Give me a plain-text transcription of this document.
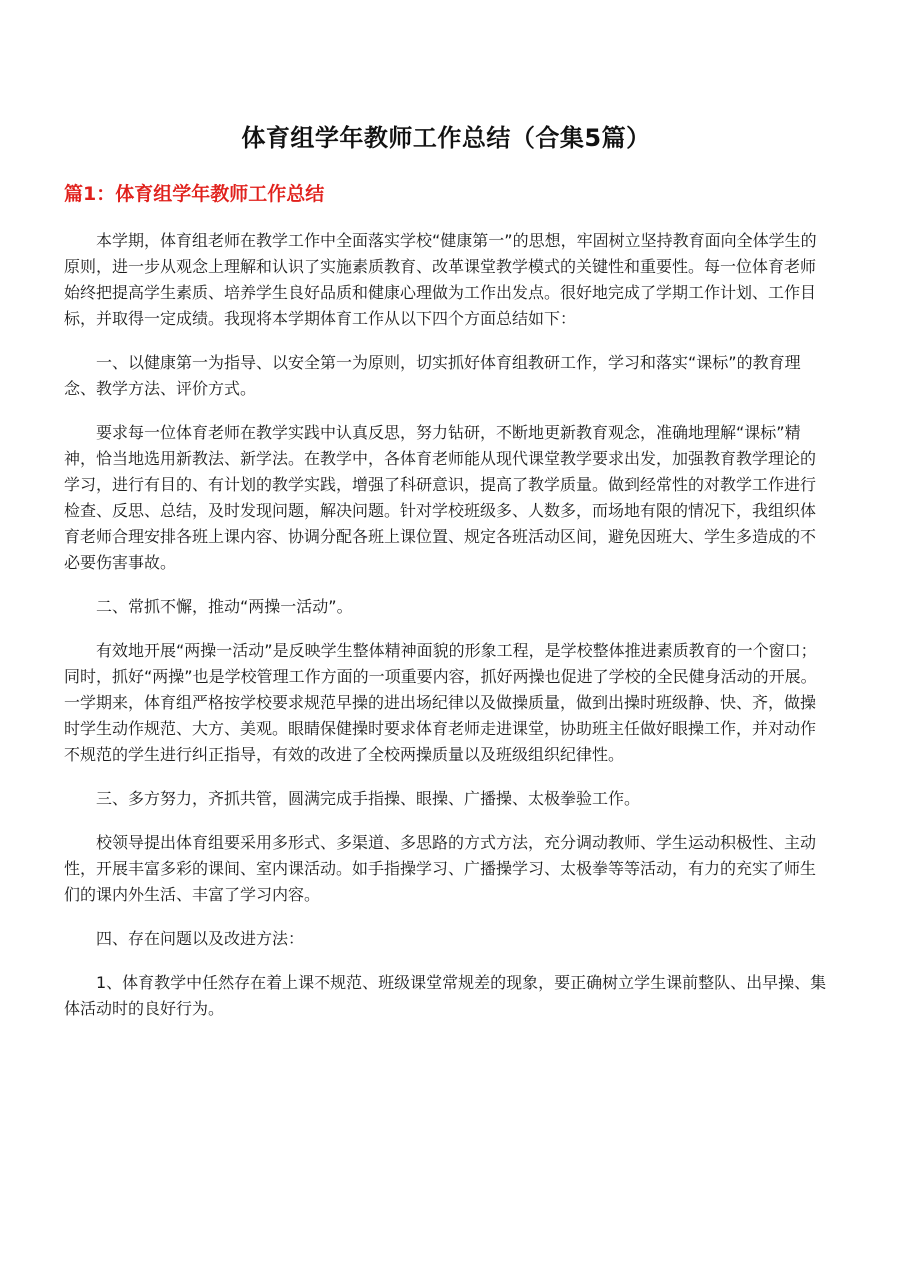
体育组学年教师工作总结（合集5篇）
篇1：体育组学年教师工作总结

本学期，体育组老师在教学工作中全面落实学校“健康第一”的思想，牢固树立坚持教育面向全体学生的原则，进一步从观念上理解和认识了实施素质教育、改革课堂教学模式的关键性和重要性。每一位体育老师始终把提高学生素质、培养学生良好品质和健康心理做为工作出发点。很好地完成了学期工作计划、工作目标，并取得一定成绩。我现将本学期体育工作从以下四个方面总结如下：

一、以健康第一为指导、以安全第一为原则，切实抓好体育组教研工作，学习和落实“课标”的教育理念、教学方法、评价方式。

要求每一位体育老师在教学实践中认真反思，努力钻研，不断地更新教育观念，准确地理解“课标”精神，恰当地选用新教法、新学法。在教学中，各体育老师能从现代课堂教学要求出发，加强教育教学理论的学习，进行有目的、有计划的教学实践，增强了科研意识，提高了教学质量。做到经常性的对教学工作进行检查、反思、总结，及时发现问题，解决问题。针对学校班级多、人数多，而场地有限的情况下，我组织体育老师合理安排各班上课内容、协调分配各班上课位置、规定各班活动区间，避免因班大、学生多造成的不必要伤害事故。

二、常抓不懈，推动“两操一活动”。

有效地开展“两操一活动”是反映学生整体精神面貌的形象工程，是学校整体推进素质教育的一个窗口；同时，抓好“两操”也是学校管理工作方面的一项重要内容，抓好两操也促进了学校的全民健身活动的开展。一学期来，体育组严格按学校要求规范早操的进出场纪律以及做操质量，做到出操时班级静、快、齐，做操时学生动作规范、大方、美观。眼睛保健操时要求体育老师走进课堂，协助班主任做好眼操工作，并对动作不规范的学生进行纠正指导，有效的改进了全校两操质量以及班级组织纪律性。

三、多方努力，齐抓共管，圆满完成手指操、眼操、广播操、太极拳验工作。

校领导提出体育组要采用多形式、多渠道、多思路的方式方法，充分调动教师、学生运动积极性、主动性，开展丰富多彩的课间、室内课活动。如手指操学习、广播操学习、太极拳等等活动，有力的充实了师生们的课内外生活、丰富了学习内容。

四、存在问题以及改进方法：

1、体育教学中任然存在着上课不规范、班级课堂常规差的现象，要正确树立学生课前整队、出早操、集体活动时的良好行为。
